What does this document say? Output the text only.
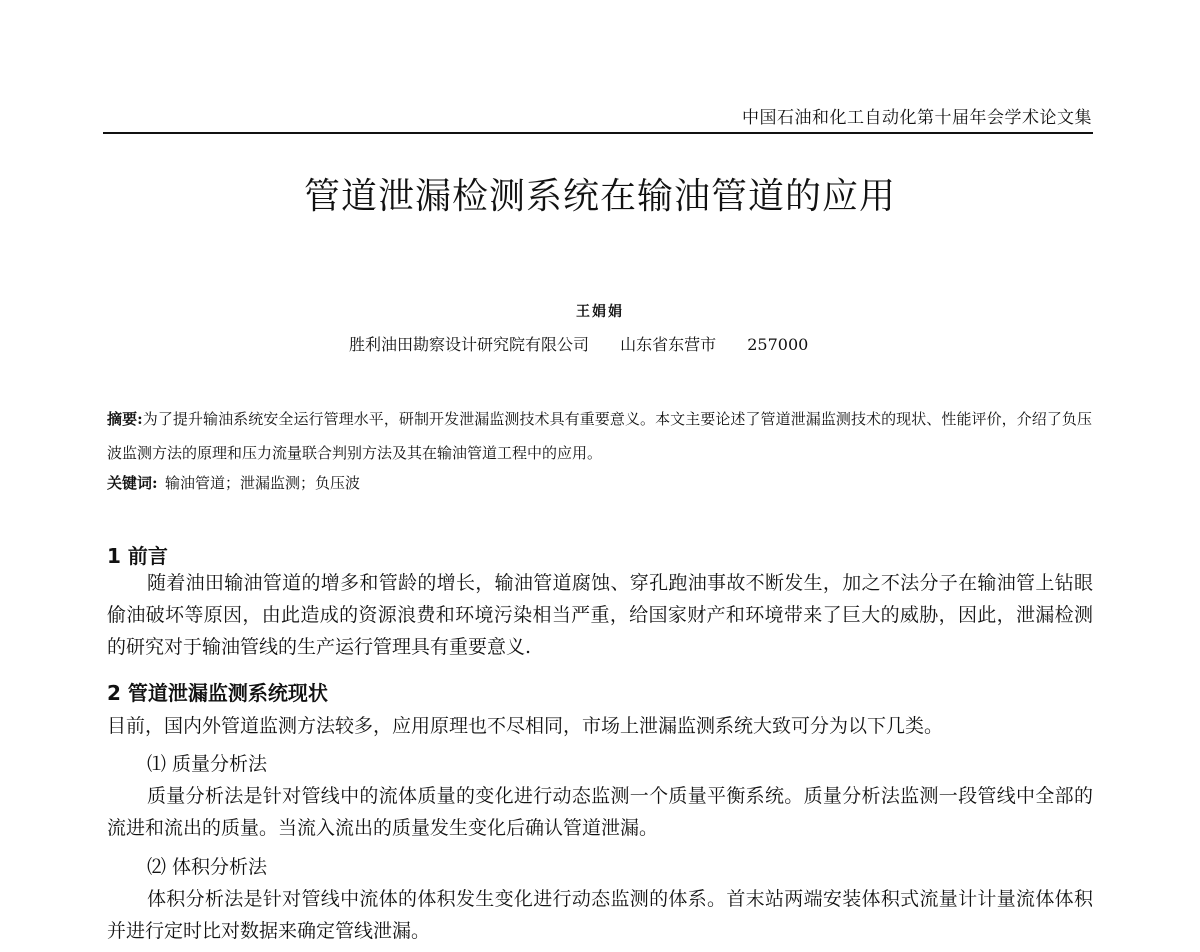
中国石油和化工自动化第十届年会学术论文集
管道泄漏检测系统在输油管道的应用
王娟娟
胜利油田勘察设计研究院有限公司 山东省东营市 257000
摘要:为了提升输油系统安全运行管理水平，研制开发泄漏监测技术具有重要意义。本文主要论述了管道泄漏监测技术的现状、性能评价，介绍了负压波监测方法的原理和压力流量联合判别方法及其在输油管道工程中的应用。
关键词:  输油管道；泄漏监测；负压波
1 前言
随着油田输油管道的增多和管龄的增长，输油管道腐蚀、穿孔跑油事故不断发生，加之不法分子在输油管上钻眼偷油破坏等原因，由此造成的资源浪费和环境污染相当严重，给国家财产和环境带来了巨大的威胁，因此，泄漏检测的研究对于输油管线的生产运行管理具有重要意义.
2 管道泄漏监测系统现状
目前，国内外管道监测方法较多，应用原理也不尽相同，市场上泄漏监测系统大致可分为以下几类。
⑴ 质量分析法
质量分析法是针对管线中的流体质量的变化进行动态监测一个质量平衡系统。质量分析法监测一段管线中全部的流进和流出的质量。当流入流出的质量发生变化后确认管道泄漏。
⑵ 体积分析法
体积分析法是针对管线中流体的体积发生变化进行动态监测的体系。首末站两端安装体积式流量计计量流体体积并进行定时比对数据来确定管线泄漏。
